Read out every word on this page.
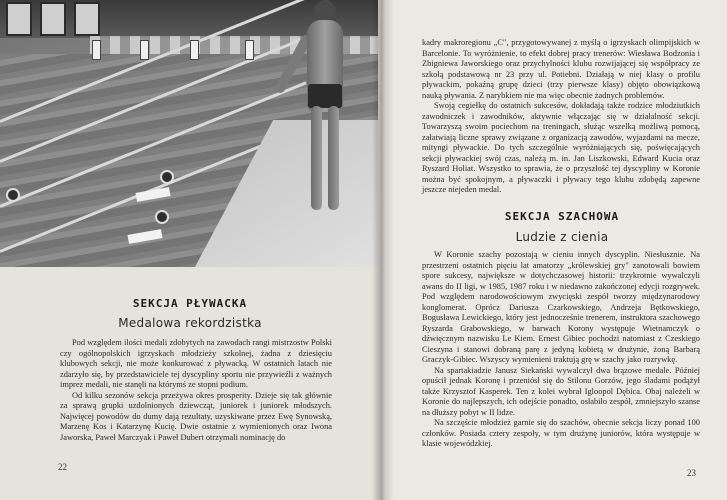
SEKCJA PŁYWACKA
Medalowa rekordzistka

Pod względem ilości medali zdobytych na zawodach rangi mistrzostw Polski czy ogólnopolskich igrzyskach młodzieży szkolnej, żadna z dziesięciu klubowych sekcji, nie może konkurować z pływacką. W ostatnich latach nie zdarzyło się, by przedstawiciele tej dyscypliny sportu nie przywieźli z ważnych imprez medali, nie stanęli na którymś ze stopni podium.

Od kilku sezonów sekcja przeżywa okres prosperity. Dzieje się tak głównie za sprawą grupki uzdolnionych dziewcząt, juniorek i juniorek młodszych. Najwięcej powodów do dumy dają rezultaty, uzyskiwane przez Ewę Synowską, Marzenę Kos i Katarzynę Kucię. Dwie ostatnie z wymienionych oraz Iwona Jaworska, Paweł Marczyak i Paweł Dubert otrzymali nominację do

22

kadry makroregionu „C", przygotowywanej z myślą o igrzyskach olimpijskich w Barcelonie. To wyróżnienie, to efekt dobrej pracy trenerów: Wiesława Bodzonia i Zbigniewa Jaworskiego oraz przychylności klubu rozwijającej się współpracy ze szkołą podstawową nr 23 przy ul. Potiebni. Działają w niej klasy o profilu pływackim, pokaźną grupę dzieci (trzy pierwsze klasy) objęto obowiązkową nauką pływania. Z narybkiem nie ma więc obecnie żadnych problemów.

Swoją cegiełkę do ostatnich sukcesów, dokładają także rodzice młodziutkich zawodniczek i zawodników, aktywnie włączając się w działalność sekcji. Towarzyszą swoim pociechom na treningach, służąc wszelką możliwą pomocą, załatwiają liczne sprawy związane z organizacją zawodów, wyjazdami na mecze, mityngi pływackie. Do tych szczególnie wyróżniających się, poświęcających sekcji pływackiej swój czas, należą m. in. Jan Liszkowski, Edward Kucia oraz Ryszard Holiat. Wszystko to sprawia, że o przyszłość tej dyscypliny w Koronie można być spokojnym, a pływaczki i pływacy tego klubu zdobędą zapewne jeszcze niejeden medal.

SEKCJA SZACHOWA
Ludzie z cienia

W Koronie szachy pozostają w cieniu innych dyscyplin. Niesłusznie. Na przestrzeni ostatnich pięciu lat amatorzy „królewskiej gry" zanotowali bowiem spore sukcesy, największe w dotychczasowej historii: trzykrotnie wywalczyli awans do II ligi, w 1985, 1987 roku i w niedawno zakończonej edycji rozgrywek. Pod względem narodowościowym zwycięski zespół tworzy międzynarodowy konglomerat. Oprócz Dariusza Czarkowskiego, Andrzeja Bętkowskiego, Bogusława Lewickiego, który jest jednocześnie trenerem, instruktora szachowego Ryszarda Grabowskiego, w barwach Korony występuje Wietnamczyk o dźwięcznym nazwisku Le Kiem. Ernest Gibiec pochodzi natomiast z Czeskiego Cieszyna i stanowi dobraną parę z jedyną kobietą w drużynie, żoną Barbarą Graczyk-Gibiec. Wszyscy wymienieni traktują grę w szachy jako rozrywkę.

Na spartakiadzie Janusz Siekański wywalczył dwa brązowe medale. Później opuścił jednak Koronę i przeniósł się do Stilonu Gorzów, jego śladami podążył także Krzysztof Kasperek. Ten z kolei wybrał Igloopol Dębica. Obaj należeli w Koronie do najlepszych, ich odejście ponadto, osłabiło zespół, zmniejszyło szanse na dłuższy pobyt w II lidze.

Na szczęście młodzież garnie się do szachów, obecnie sekcja liczy ponad 100 członków. Posiada cztery zespoły, w tym drużynę juniorów, która występuje w klasie wojewódzkiej.

23
